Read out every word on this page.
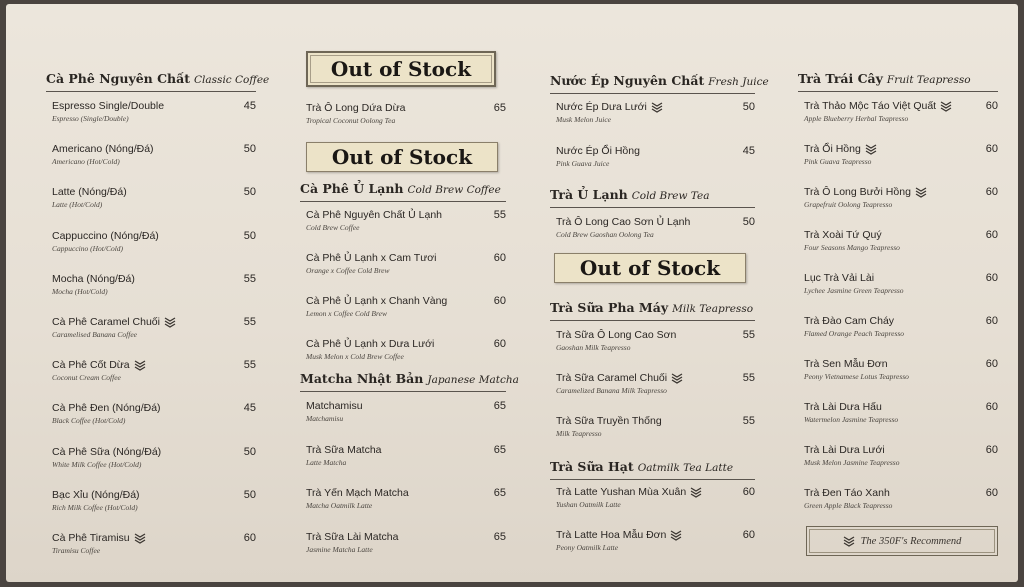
Cà Phê Nguyên Chất Classic Coffee
Espresso Single/Double
Espresso (Single/Double)
45
Americano (Nóng/Đá)
Americano (Hot/Cold)
50
Latte (Nóng/Đá)
Latte (Hot/Cold)
50
Cappuccino (Nóng/Đá)
Cappuccino (Hot/Cold)
50
Mocha (Nóng/Đá)
Mocha (Hot/Cold)
55
Cà Phê Caramel Chuối
Caramelised Banana Coffee
55
Cà Phê Cốt Dừa
Coconut Cream Coffee
55
Cà Phê Đen (Nóng/Đá)
Black Coffee (Hot/Cold)
45
Cà Phê Sữa (Nóng/Đá)
White Milk Coffee (Hot/Cold)
50
Bạc Xỉu (Nóng/Đá)
Rich Milk Coffee (Hot/Cold)
50
Cà Phê Tiramisu
Tiramisu Coffee
60
Out of Stock
Trà Ô Long Dứa Dừa
Tropical Coconut Oolong Tea
65
Out of Stock
Cà Phê Ủ Lạnh Cold Brew Coffee
Cà Phê Nguyên Chất Ủ Lạnh
Cold Brew Coffee
55
Cà Phê Ủ Lạnh x Cam Tươi
Orange x Coffee Cold Brew
60
Cà Phê Ủ Lạnh x Chanh Vàng
Lemon x Coffee Cold Brew
60
Cà Phê Ủ Lạnh x Dưa Lưới
Musk Melon x Cold Brew Coffee
60
Matcha Nhật Bản Japanese Matcha
Matchamisu
Matchamisu
65
Trà Sữa Matcha
Latte Matcha
65
Trà Yến Mạch Matcha
Matcha Oatmilk Latte
65
Trà Sữa Lài Matcha
Jasmine Matcha Latte
65
Nước Ép Nguyên Chất Fresh Juice
Nước Ép Dưa Lưới
Musk Melon Juice
50
Nước Ép Ổi Hồng
Pink Guava Juice
45
Trà Ủ Lạnh Cold Brew Tea
Trà Ô Long Cao Sơn Ủ Lạnh
Cold Brew Gaoshan Oolong Tea
50
Out of Stock
Trà Sữa Pha Máy Milk Teapresso
Trà Sữa Ô Long Cao Sơn
Gaoshan Milk Teapresso
55
Trà Sữa Caramel Chuối
Caramelized Banana Milk Teapresso
55
Trà Sữa Truyền Thống
Milk Teapresso
55
Trà Sữa Hạt Oatmilk Tea Latte
Trà Latte Yushan Mùa Xuân
Yushan Oatmilk Latte
60
Trà Latte Hoa Mẫu Đơn
Peony Oatmilk Latte
60
Trà Trái Cây Fruit Teapresso
Trà Thảo Mộc Táo Việt Quất
Apple Blueberry Herbal Teapresso
60
Trà Ổi Hồng
Pink Guava Teapresso
60
Trà Ô Long Bưởi Hồng
Grapefruit Oolong Teapresso
60
Trà Xoài Tứ Quý
Four Seasons Mango Teapresso
60
Lục Trà Vải Lài
Lychee Jasmine Green Teapresso
60
Trà Đào Cam Cháy
Flamed Orange Peach Teapresso
60
Trà Sen Mẫu Đơn
Peony Vietnamese Lotus Teapresso
60
Trà Lài Dưa Hấu
Watermelon Jasmine Teapresso
60
Trà Lài Dưa Lưới
Musk Melon Jasmine Teapresso
60
Trà Đen Táo Xanh
Green Apple Black Teapresso
60
The 350F's Recommend
